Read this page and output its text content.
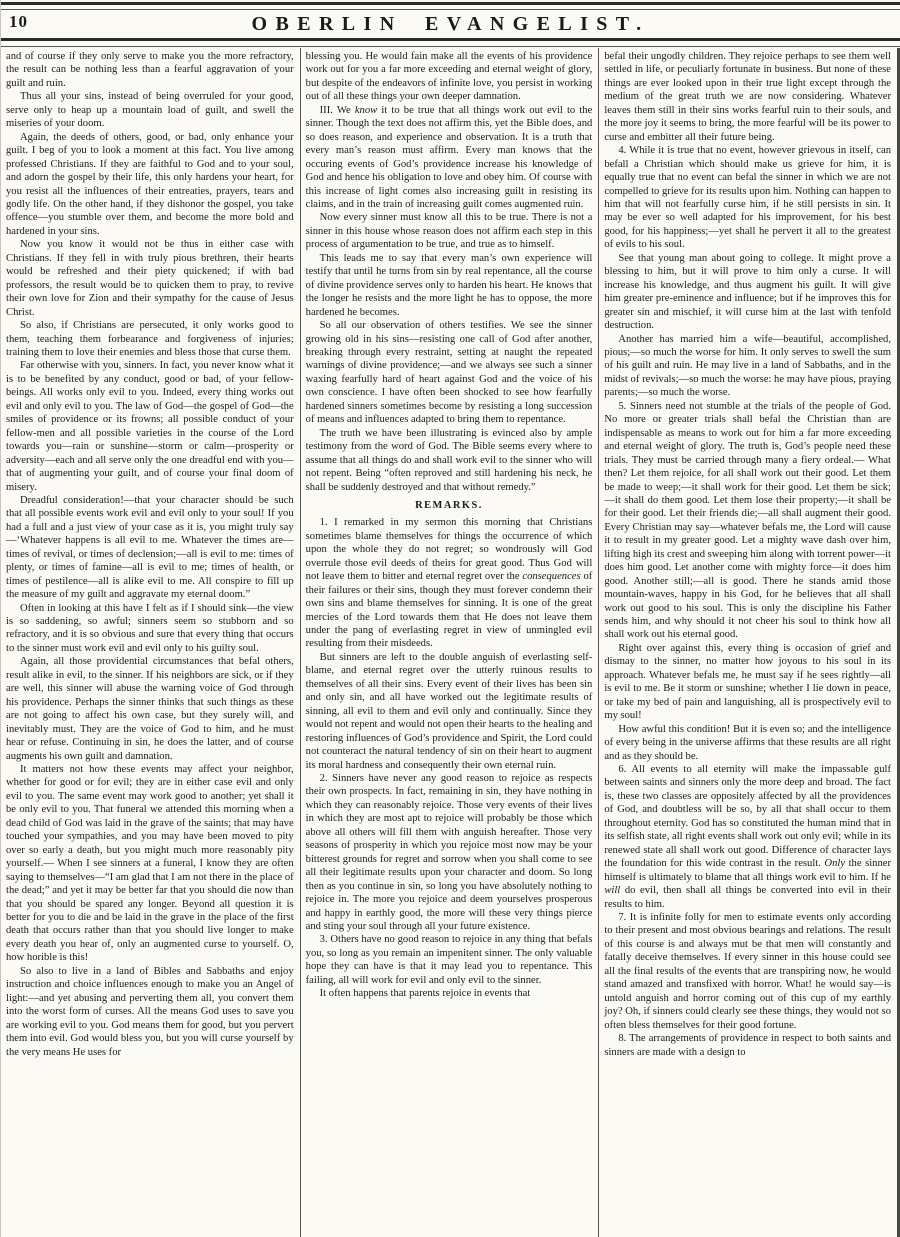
10	OBERLIN EVANGELIST.

and of course if they only serve to make you the more refractory, the result can be nothing less than a fearful aggravation of your guilt and ruin.

Thus all your sins, instead of being overruled for your good, serve only to heap up a mountain load of guilt, and swell the miseries of your doom.

Again, the deeds of others, good, or bad, only enhance your guilt. I beg of you to look a moment at this fact. You live among professed Christians. If they are faithful to God and to your soul, and adorn the gospel by their life, this only hardens your heart, for you resist all the influences of their entreaties, prayers, tears and godly life. On the other hand, if they dishonor the gospel, you take offence—you stumble over them, and become the more bold and hardened in your sins.

Now you know it would not be thus in either case with Christians. If they fell in with truly pious brethren, their hearts would be refreshed and their piety quickened; if with bad professors, the result would be to quicken them to pray, to revive their own love for Zion and their sympathy for the cause of Jesus Christ.

So also, if Christians are persecuted, it only works good to them, teaching them forbearance and forgiveness of injuries; training them to love their enemies and bless those that curse them.

Far otherwise with you, sinners. In fact, you never know what it is to be benefited by any conduct, good or bad, of your fellow-beings. All works only evil to you. Indeed, every thing works out evil and only evil to you. The law of God—the gospel of God—the smiles of providence or its frowns; all possible conduct of your fellow-men and all possible varieties in the course of the Lord towards you—rain or sunshine—storm or calm—prosperity or adversity—each and all serve only the one dreadful end with you—that of augmenting your guilt, and of course your final doom of misery.

Dreadful consideration!—that your character should be such that all possible events work evil and evil only to your soul! If you had a full and a just view of your case as it is, you might truly say—‘Whatever happens is all evil to me. Whatever the times are—times of revival, or times of declension;—all is evil to me: times of plenty, or times of famine—all is evil to me; times of health, or times of pestilence—all is alike evil to me. All conspire to fill up the measure of my guilt and aggravate my eternal doom.”

Often in looking at this have I felt as if I should sink—the view is so saddening, so awful; sinners seem so stubborn and so refractory, and it is so obvious and sure that every thing that occurs to the sinner must work evil and evil only to his guilty soul.

Again, all those providential circumstances that befal others, result alike in evil, to the sinner. If his neighbors are sick, or if they are well, this sinner will abuse the warning voice of God through his providence. Perhaps the sinner thinks that such things as these are not going to affect his own case, but they surely will, and inevitably must. They are the voice of God to him, and he must hear or refuse. Continuing in sin, he does the latter, and of course augments his own guilt and damnation.

It matters not how these events may affect your neighbor, whether for good or for evil; they are in either case evil and only evil to you. The same event may work good to another; yet shall it be only evil to you. That funeral we attended this morning when a dead child of God was laid in the grave of the saints; that may have touched your sympathies, and you may have been moved to pity over so early a death, but you might much more reasonably pity yourself.— When I see sinners at a funeral, I know they are often saying to themselves—“I am glad that I am not there in the place of the dead;” and yet it may be better far that you should die now than that you should be spared any longer. Beyond all question it is better for you to die and be laid in the grave in the place of the first death that occurs rather than that you should live longer to make every death you hear of, only an augmented curse to yourself. O, how horible is this!

So also to live in a land of Bibles and Sabbaths and enjoy instruction and choice influences enough to make you an Angel of light:—and yet abusing and perverting them all, you convert them into the worst form of curses. All the means God uses to save you are working evil to you. God means them for good, but you pervert them into evil. God would bless you, but you will curse yourself by the very means He uses for

blessing you. He would fain make all the events of his providence work out for you a far more exceeding and eternal weight of glory, but despite of the endeavors of infinite love, you persist in working out of all these things your own deeper damnation.

III. We know it to be true that all things work out evil to the sinner. Though the text does not affirm this, yet the Bible does, and so does reason, and experience and observation. It is a truth that every man’s reason must affirm. Every man knows that the occuring events of God’s providence increase his knowledge of God and hence his obligation to love and obey him. Of course with this increase of light comes also increasing guilt in resisting its claims, and in the train of increasing guilt comes augmented ruin.

Now every sinner must know all this to be true. There is not a sinner in this house whose reason does not affirm each step in this process of argumentation to be true, and true as to himself.

This leads me to say that every man’s own experience will testify that until he turns from sin by real repentance, all the course of divine providence serves only to harden his heart. He knows that the longer he resists and the more light he has to oppose, the more hardened he becomes.

So all our observation of others testifies. We see the sinner growing old in his sins—resisting one call of God after another, breaking through every restraint, setting at naught the repeated warnings of divine providence;—and we always see such a sinner waxing fearfully hard of heart against God and the voice of his own conscience. I have often been shocked to see how fearfully hardened sinners sometimes become by resisting a long succession of means and influences adapted to bring them to repentance.

The truth we have been illustrating is evinced also by ample testimony from the word of God. The Bible seems every where to assume that all things do and shall work evil to the sinner who will not repent. Being “often reproved and still hardening his neck, he shall be suddenly destroyed and that without remedy.”

REMARKS.

1. I remarked in my sermon this morning that Christians sometimes blame themselves for things the occurrence of which upon the whole they do not regret; so wondrously will God overrule those evil deeds of theirs for great good. Thus God will not leave them to bitter and eternal regret over the consequences of their failures or their sins, though they must forever condemn their own sins and blame themselves for sinning. It is one of the great mercies of the Lord towards them that He does not leave them under the pang of everlasting regret in view of unmingled evil resulting from their misdeeds.

But sinners are left to the double anguish of everlasting self-blame, and eternal regret over the utterly ruinous results to themselves of all their sins. Every event of their lives has been sin and only sin, and all have worked out the legitimate results of sinning, all evil to them and evil only and continually. Since they would not repent and would not open their hearts to the healing and restoring influences of God’s providence and Spirit, the Lord could not counteract the natural tendency of sin on their heart to augment its moral hardness and consequently their own eternal ruin.

2. Sinners have never any good reason to rejoice as respects their own prospects. In fact, remaining in sin, they have nothing in which they can reasonably rejoice. Those very events of their lives in which they are most apt to rejoice will probably be those which above all others will fill them with anguish hereafter. Those very seasons of prosperity in which you rejoice most now may be your bitterest grounds for regret and sorrow when you shall come to see all their legitimate results upon your character and doom. So long then as you continue in sin, so long you have absolutely nothing to rejoice in. The more you rejoice and deem yourselves prosperous and happy in earthly good, the more will these very things pierce and sting your soul through all your future existence.

3. Others have no good reason to rejoice in any thing that befals you, so long as you remain an impenitent sinner. The only valuable hope they can have is that it may lead you to repentance. This failing, all will work for evil and only evil to the sinner.

It often happens that parents rejoice in events that

befal their ungodly children. They rejoice perhaps to see them well settled in life, or peculiarly fortunate in business. But none of these things are ever looked upon in their true light except through the medium of the great truth we are now considering. Whatever leaves them still in their sins works fearful ruin to their souls, and the more joy it seems to bring, the more fearful will be its power to curse and embitter all their future being.

4. While it is true that no event, however grievous in itself, can befall a Christian which should make us grieve for him, it is equally true that no event can befal the sinner in which we are not compelled to grieve for its results upon him. Nothing can happen to him that will not fearfully curse him, if he still persists in sin. It may be ever so well adapted for his improvement, for his best good, for his happiness;—yet shall he pervert it all to the greatest of evils to his soul.

See that young man about going to college. It might prove a blessing to him, but it will prove to him only a curse. It will increase his knowledge, and thus augment his guilt. It will give him greater pre-eminence and influence; but if he improves this for greater sin and mischief, it will curse him at the last with tenfold destruction.

Another has married him a wife—beautiful, accomplished, pious;—so much the worse for him. It only serves to swell the sum of his guilt and ruin. He may live in a land of Sabbaths, and in the midst of revivals;—so much the worse: he may have pious, praying parents;—so much the worse.

5. Sinners need not stumble at the trials of the people of God. No more or greater trials shall befal the Christian than are indispensable as means to work out for him a far more exceeding and eternal weight of glory. The truth is, God’s people need these trials. They must be carried through many a fiery ordeal.— What then? Let them rejoice, for all shall work out their good. Let them be made to weep;—it shall work for their good. Let them be sick;—it shall do them good. Let them lose their property;—it shall be for their good. Let their friends die;—all shall augment their good. Every Christian may say—whatever befals me, the Lord will cause it to result in my greater good. Let a mighty wave dash over him, lifting high its crest and sweeping him along with torrent power—it does him good. Let another come with mighty force—it does him good. Another still;—all is good. There he stands amid those mountain-waves, happy in his God, for he believes that all shall work out good to his soul. This is only the discipline his Father sends him, and why should it not cheer his soul to think how all shall work out his eternal good.

Right over against this, every thing is occasion of grief and dismay to the sinner, no matter how joyous to his soul in its approach. Whatever befals me, he must say if he sees rightly—all is evil to me. Be it storm or sunshine; whether I lie down in peace, or take my bed of pain and languishing, all is prospectively evil to my soul!

How awful this condition! But it is even so; and the intelligence of every being in the universe affirms that these results are all right and as they should be.

6. All events to all eternity will make the impassable gulf between saints and sinners only the more deep and broad. The fact is, these two classes are oppositely affected by all the providences of God, and doubtless will be so, by all that shall occur to them throughout eternity. God has so constituted the human mind that in its selfish state, all right events shall work out only evil; while in its renewed state all shall work out good. Difference of character lays the foundation for this wide contrast in the result. Only the sinner himself is ultimately to blame that all things work evil to him. If he will do evil, then shall all things be converted into evil in their results to him.

7. It is infinite folly for men to estimate events only according to their present and most obvious bearings and relations. The result of this course is and always mut be that men will constantly and fatally deceive themselves. If every sinner in this house could see all the final results of the events that are transpiring now, he would stand amazed and transfixed with horror. What! he would say—is untold anguish and horror coming out of this cup of my earthly joy? Oh, if sinners could clearly see these things, they would not so often bless themselves for their good fortune.

8. The arrangements of providence in respect to both saints and sinners are made with a design to
